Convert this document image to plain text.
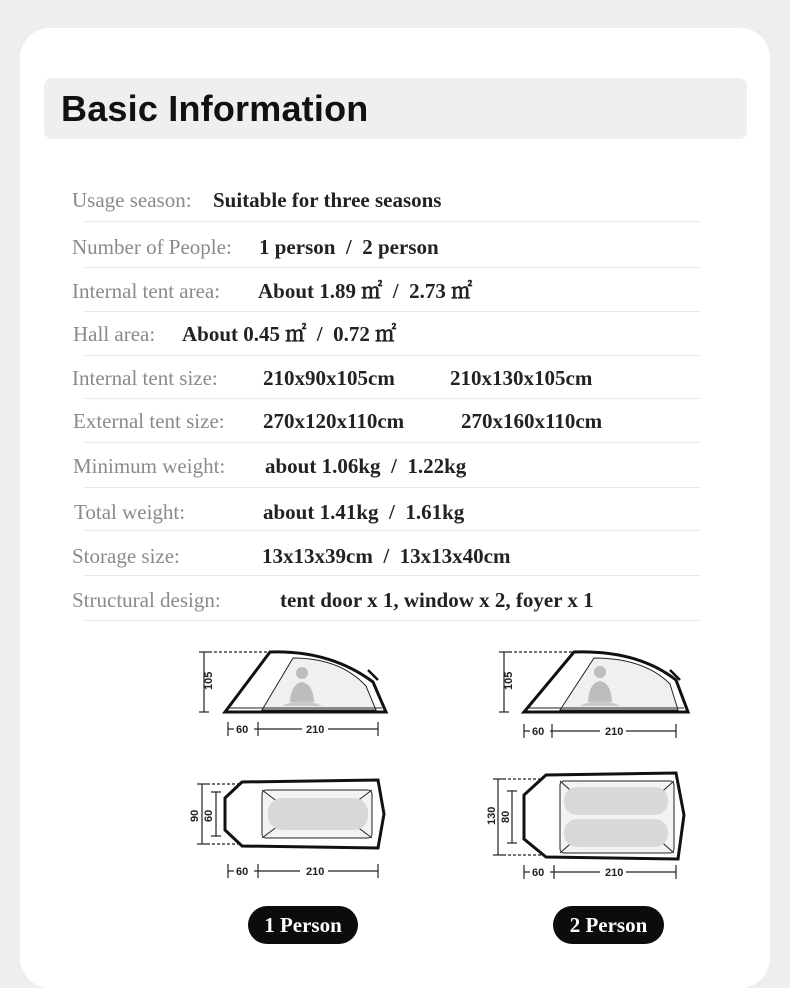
Basic Information
Usage season: Suitable for three seasons
Number of People: 1 person  /  2 person
Internal tent area: About 1.89 ㎡  /  2.73 ㎡
Hall area: About 0.45 ㎡  /  0.72 ㎡
Internal tent size: 210x90x105cm	210x130x105cm
External tent size: 270x120x110cm	270x160x110cm
Minimum weight: about 1.06kg  /  1.22kg
Total weight:	about 1.41kg  /  1.61kg
Storage size:	13x13x39cm  /  13x13x40cm
Structural design:	tent door x 1, window x 2, foyer x 1
105
60	210
90 60
60	210
105
60	210
130 80
60	210
1 Person	2 Person
